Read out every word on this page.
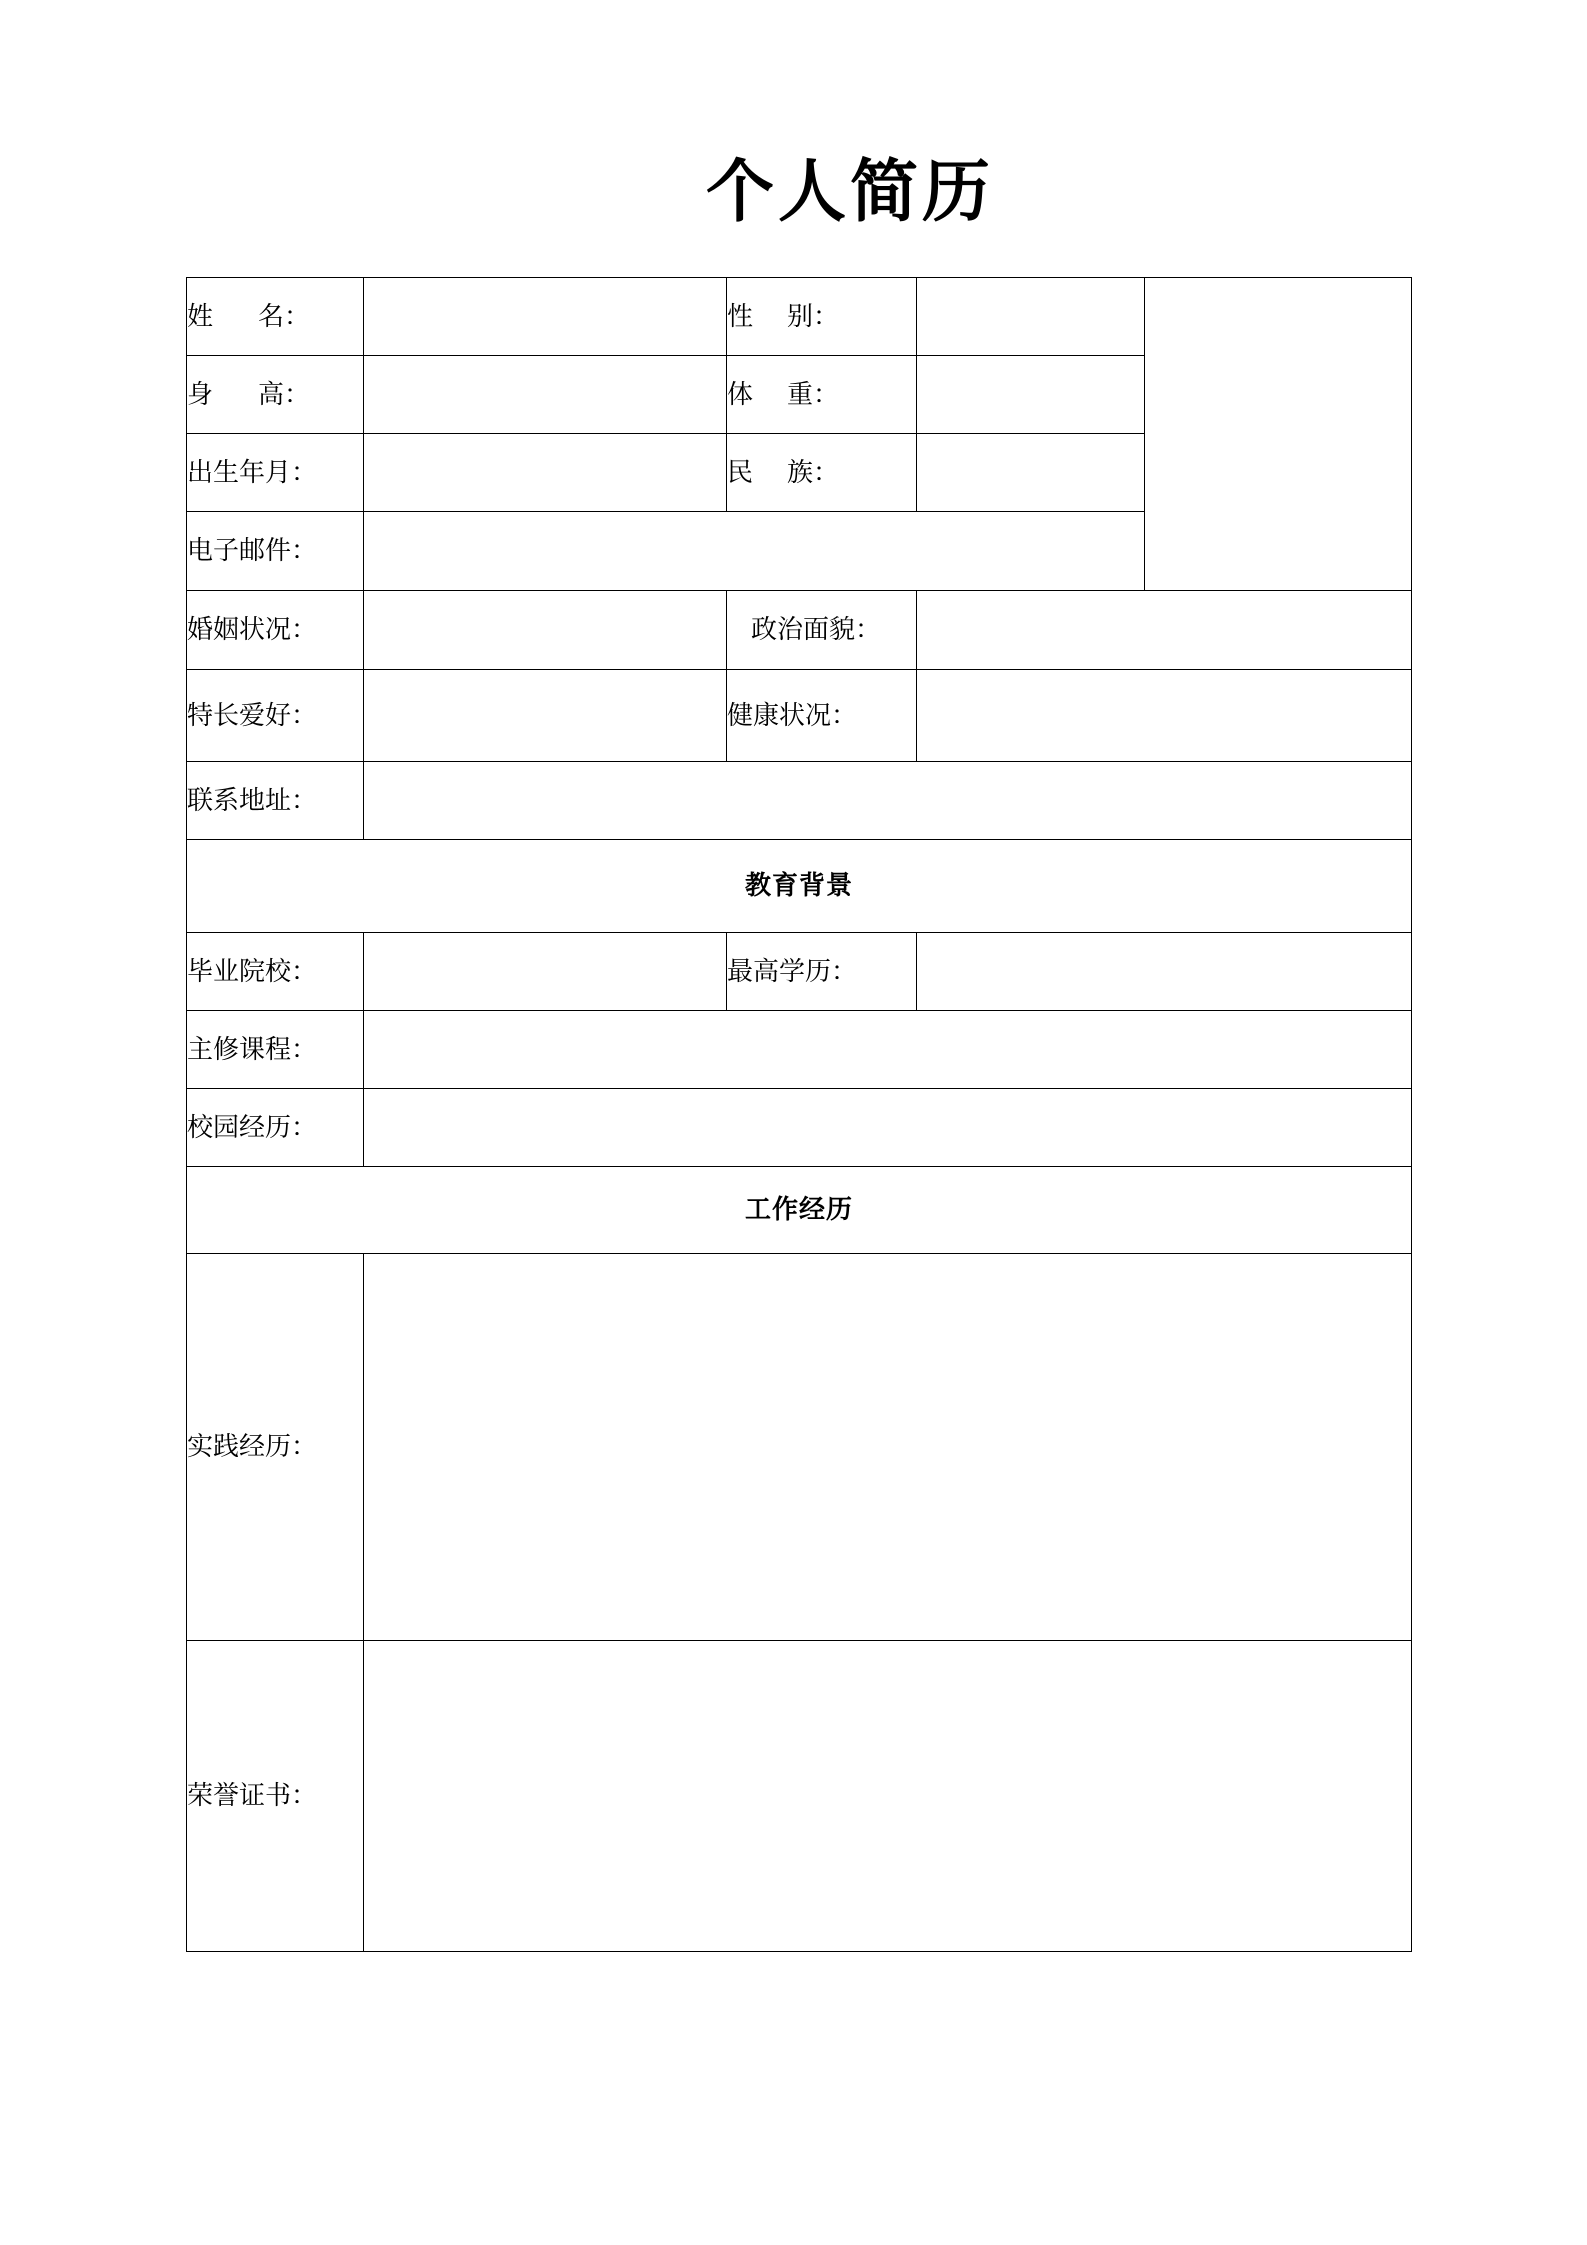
个人简历
姓 名：		性 别：		

身 高：		体 重：		

出生年月：		民 族：		

电子邮件：				
婚姻状况：		政治面貌：		
特长爱好：		健康状况：		
联系地址：				
教育背景				
毕业院校：		最高学历：		
主修课程：				
校园经历：				
工作经历				
实践经历：				
荣誉证书：				
